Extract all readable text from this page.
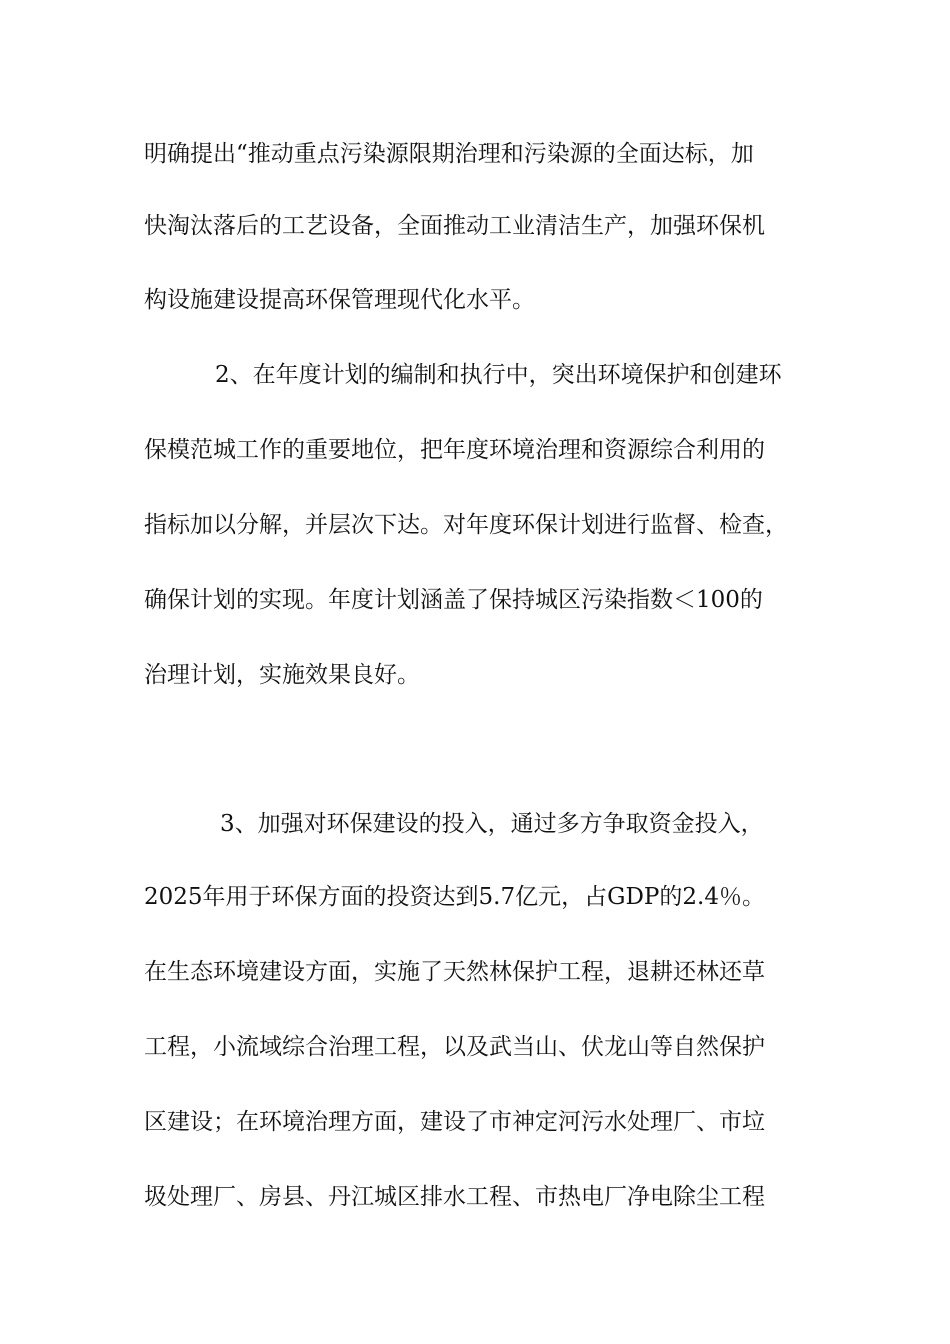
明确提出“推动重点污染源限期治理和污染源的全面达标，加

快淘汰落后的工艺设备，全面推动工业清洁生产，加强环保机

构设施建设提高环保管理现代化水平。

2、在年度计划的编制和执行中，突出环境保护和创建环

保模范城工作的重要地位，把年度环境治理和资源综合利用的

指标加以分解，并层次下达。对年度环保计划进行监督、检查，

确保计划的实现。年度计划涵盖了保持城区污染指数＜100的

治理计划，实施效果良好。

3、加强对环保建设的投入，通过多方争取资金投入，

2025年用于环保方面的投资达到5.7亿元，占GDP的2.4％。

在生态环境建设方面，实施了天然林保护工程，退耕还林还草

工程，小流域综合治理工程，以及武当山、伏龙山等自然保护

区建设；在环境治理方面，建设了市神定河污水处理厂、市垃

圾处理厂、房县、丹江城区排水工程、市热电厂净电除尘工程
